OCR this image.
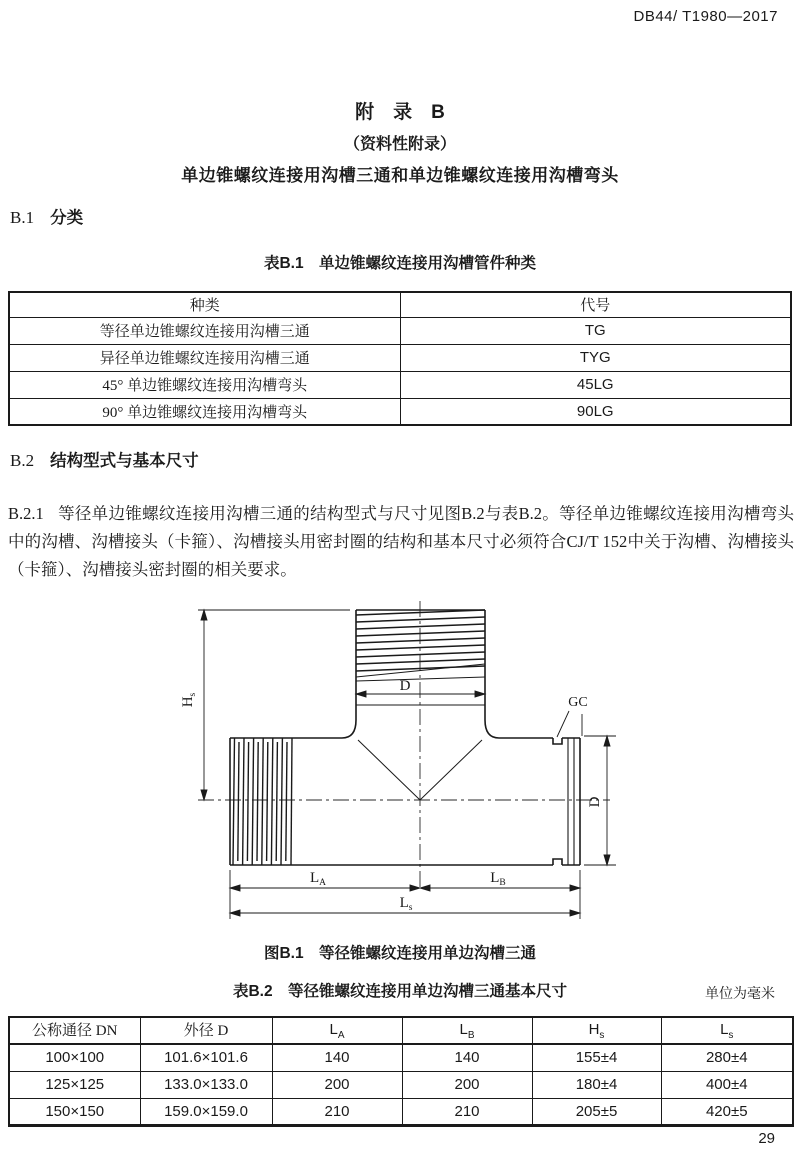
DB44/ T1980—2017
附　录　B
（资料性附录）
单边锥螺纹连接用沟槽三通和单边锥螺纹连接用沟槽弯头
B.1 分类
表B.1　单边锥螺纹连接用沟槽管件种类
种类	代号
等径单边锥螺纹连接用沟槽三通	TG
异径单边锥螺纹连接用沟槽三通	TYG
45° 单边锥螺纹连接用沟槽弯头	45LG
90° 单边锥螺纹连接用沟槽弯头	90LG
B.2 结构型式与基本尺寸
B.2.1 等径单边锥螺纹连接用沟槽三通的结构型式与尺寸见图B.2与表B.2。等径单边锥螺纹连接用沟槽弯头中的沟槽、沟槽接头（卡箍）、沟槽接头用密封圈的结构和基本尺寸必须符合CJ/T 152中关于沟槽、沟槽接头（卡箍）、沟槽接头密封圈的相关要求。
$H_s$
D
GC
D
$L_A$	$L_B$
$L_s$
图B.1　等径锥螺纹连接用单边沟槽三通
表B.2　等径锥螺纹连接用单边沟槽三通基本尺寸	单位为毫米
公称通径 DN	外径 D	$L_A$	$L_B$	$H_s$	$L_s$
100×100	101.6×101.6	140	140	155±4	280±4
125×125	133.0×133.0	200	200	180±4	400±4
150×150	159.0×159.0	210	210	205±5	420±5
29
